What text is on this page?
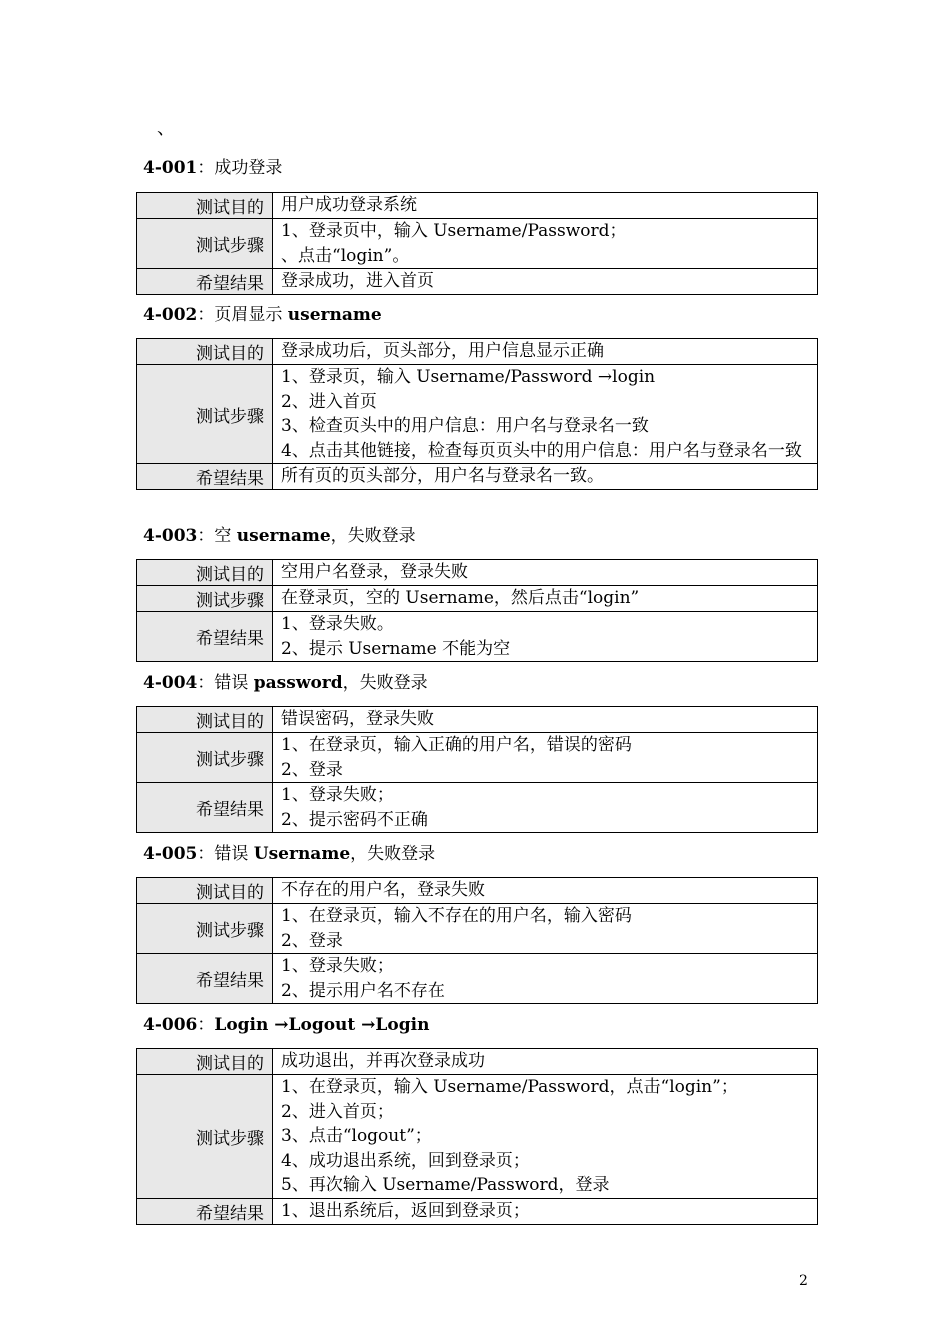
、
4-001：成功登录
测试目的	用户成功登录系统

测试步骤	1、登录页中，输入 Username/Password；
、点击“login”。

希望结果	登录成功，进入首页
4-002：页眉显示 username
测试目的	登录成功后，页头部分，用户信息显示正确

测试步骤	1、登录页，输入 Username/Password →login
2、进入首页
3、检查页头中的用户信息：用户名与登录名一致
4、点击其他链接，检查每页页头中的用户信息：用户名与登录名一致

希望结果	所有页的页头部分，用户名与登录名一致。
4-003：空 username，失败登录
测试目的	空用户名登录，登录失败

测试步骤	在登录页，空的 Username，然后点击“login”

希望结果	1、登录失败。
2、提示 Username 不能为空
4-004：错误 password，失败登录
测试目的	错误密码，登录失败

测试步骤	1、在登录页，输入正确的用户名，错误的密码
2、登录

希望结果	1、登录失败；
2、提示密码不正确
4-005：错误 Username，失败登录
测试目的	不存在的用户名，登录失败

测试步骤	1、在登录页，输入不存在的用户名，输入密码
2、登录

希望结果	1、登录失败；
2、提示用户名不存在
4-006：Login →Logout →Login
测试目的	成功退出，并再次登录成功

测试步骤	1、在登录页，输入 Username/Password，点击“login”；
2、进入首页；
3、点击“logout”；
4、成功退出系统，回到登录页；
5、再次输入 Username/Password，登录

希望结果	1、退出系统后，返回到登录页；
2
